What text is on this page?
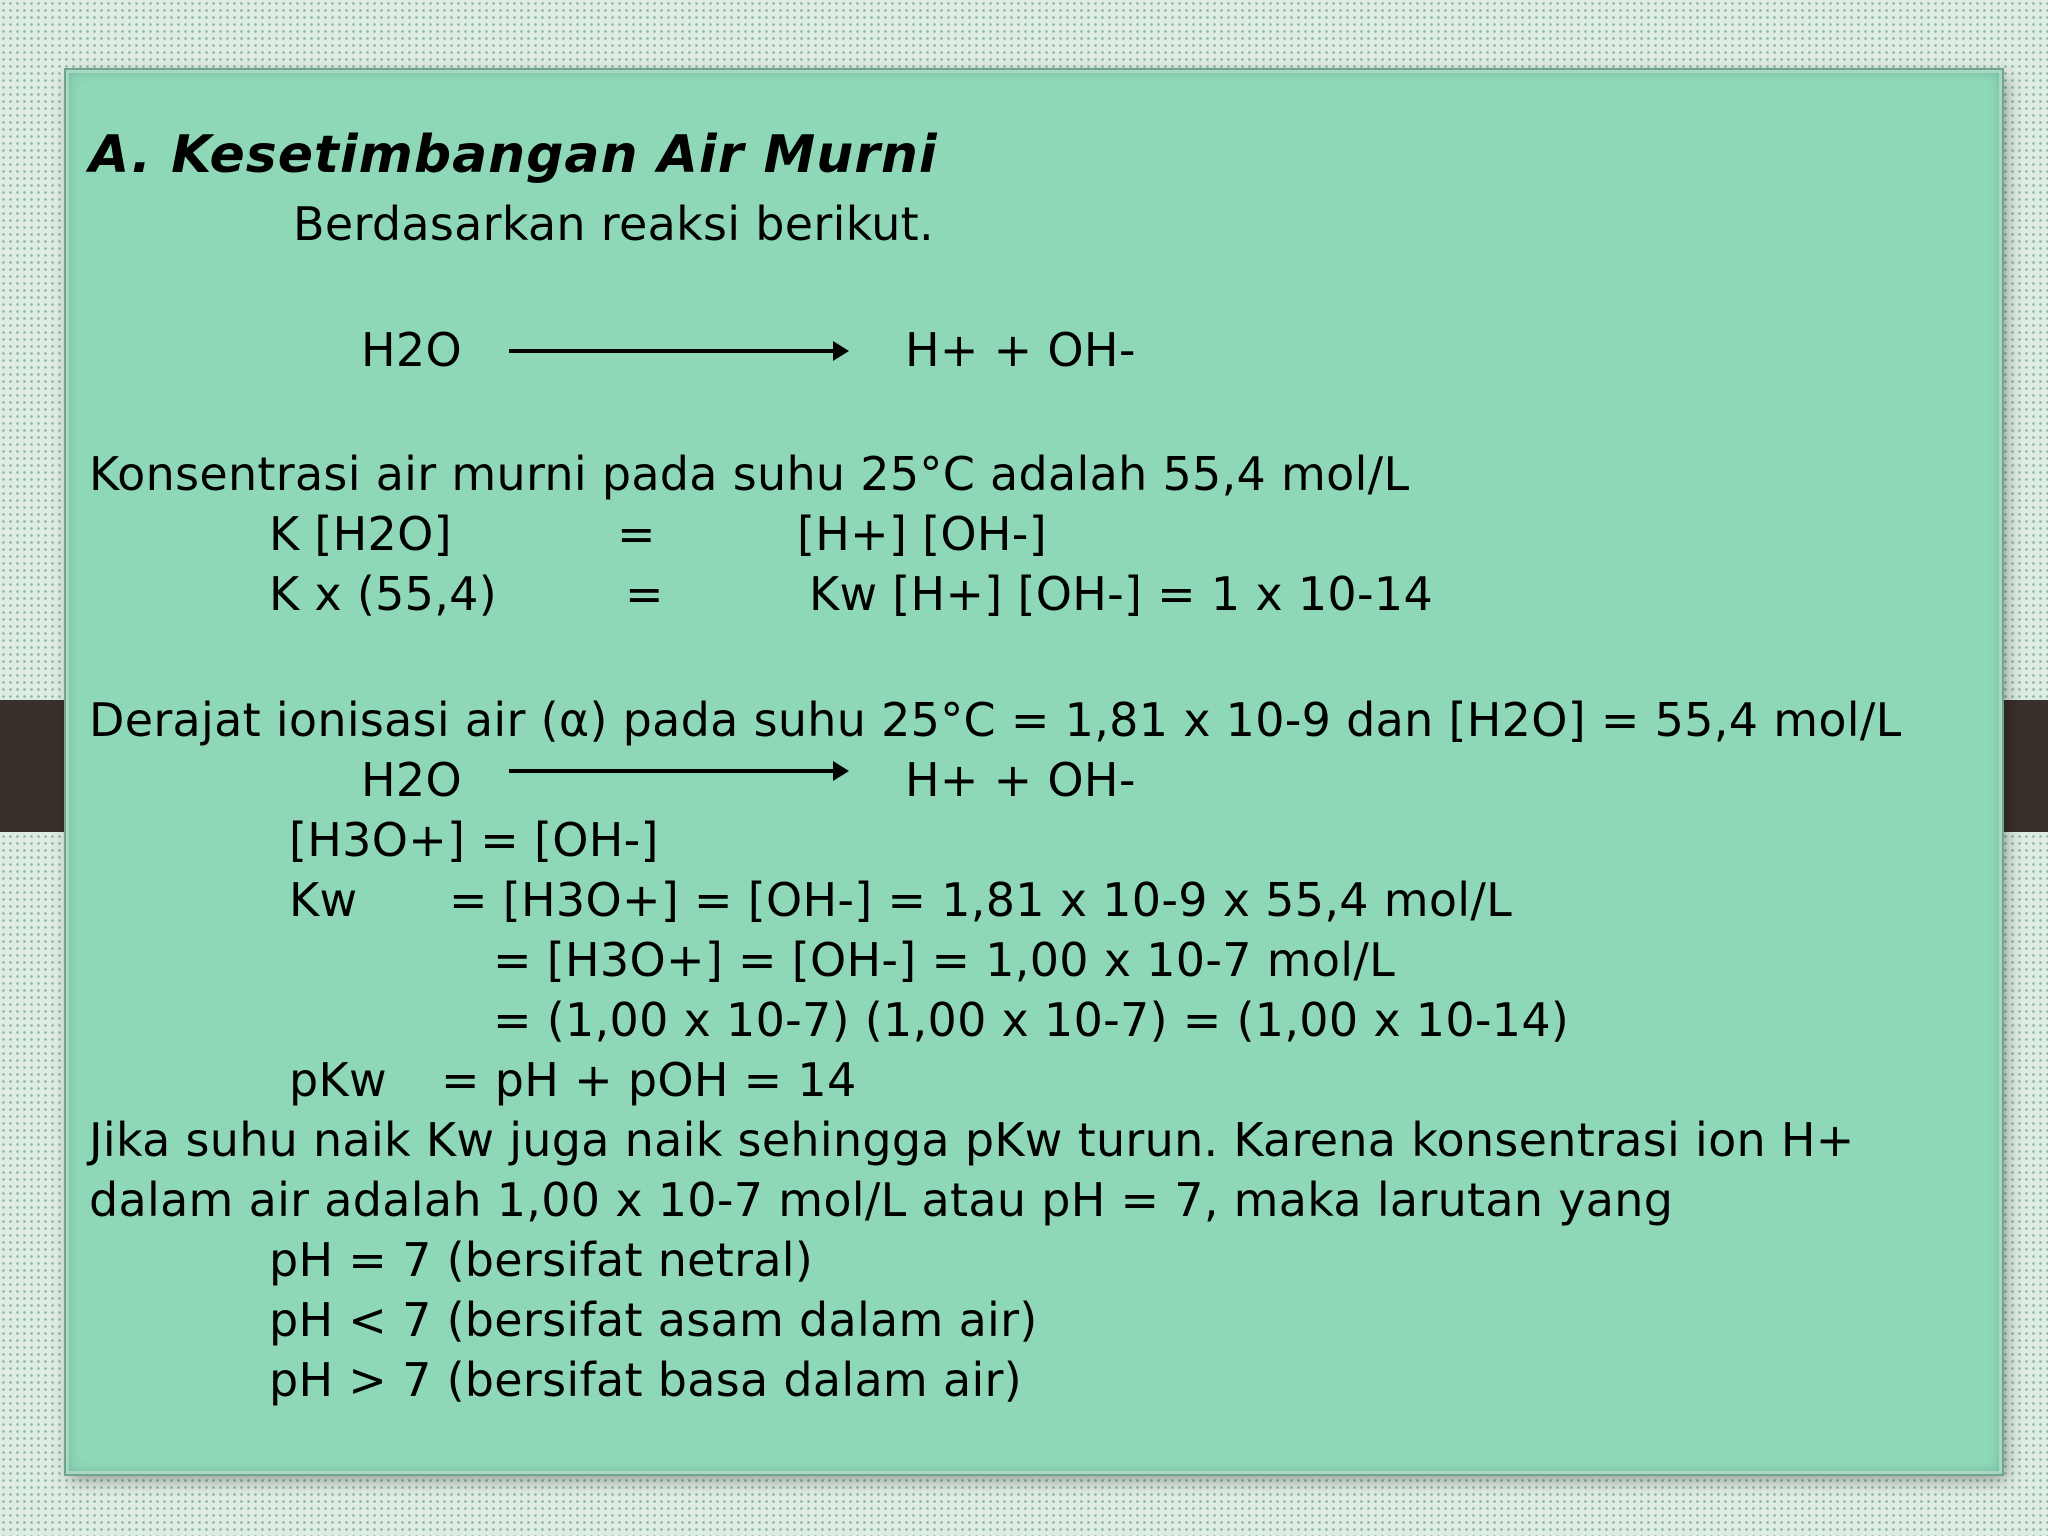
A. Kesetimbangan Air Murni
Berdasarkan reaksi berikut.
H2O	H+ + OH-
Konsentrasi air murni pada suhu 25°C adalah 55,4 mol/L
K [H2O]	=	[H+] [OH-]
K x (55,4)	=	Kw [H+] [OH-] = 1 x 10-14
Derajat ionisasi air (α) pada suhu 25°C = 1,81 x 10-9 dan [H2O] = 55,4 mol/L
H2O	H+ + OH-
[H3O+] = [OH-]
Kw = [H3O+] = [OH-] = 1,81 x 10-9 x 55,4 mol/L
= [H3O+] = [OH-] = 1,00 x 10-7 mol/L
= (1,00 x 10-7) (1,00 x 10-7) = (1,00 x 10-14)
pKw = pH + pOH = 14
Jika suhu naik Kw juga naik sehingga pKw turun. Karena konsentrasi ion H+
dalam air adalah 1,00 x 10-7 mol/L atau pH = 7, maka larutan yang
pH = 7 (bersifat netral)
pH < 7 (bersifat asam dalam air)
pH > 7 (bersifat basa dalam air)
